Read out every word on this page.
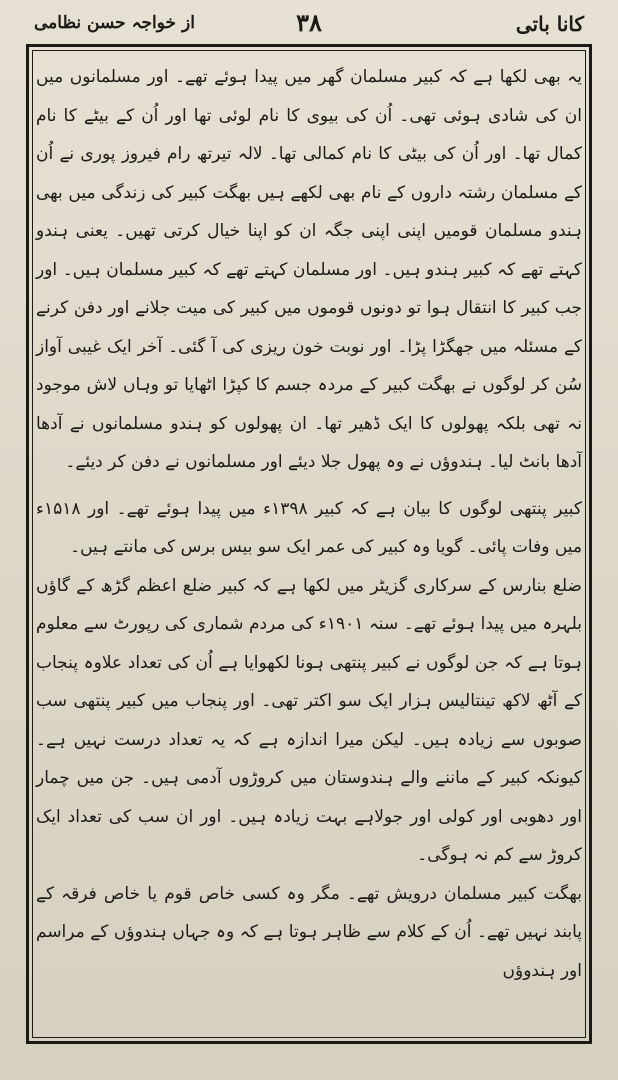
کانا باتی
۳۸
از خواجہ حسن نظامی

یہ بھی لکھا ہے کہ کبیر مسلمان گھر میں پیدا ہوئے تھے۔ اور مسلمانوں میں ان کی شادی ہوئی تھی۔ اُن کی بیوی کا نام لوئی تھا اور اُن کے بیٹے کا نام کمال تھا۔ اور اُن کی بیٹی کا نام کمالی تھا۔ لالہ تیرتھ رام فیروز پوری نے اُن کے مسلمان رشتہ داروں کے نام بھی لکھے ہیں بھگت کبیر کی زندگی میں بھی ہندو مسلمان قومیں اپنی اپنی جگہ ان کو اپنا خیال کرتی تھیں۔ یعنی ہندو کہتے تھے کہ کبیر ہندو ہیں۔ اور مسلمان کہتے تھے کہ کبیر مسلمان ہیں۔ اور جب کبیر کا انتقال ہوا تو دونوں قوموں میں کبیر کی میت جلانے اور دفن کرنے کے مسئلہ میں جھگڑا پڑا۔ اور نوبت خون ریزی کی آ گئی۔ آخر ایک غیبی آواز سُن کر لوگوں نے بھگت کبیر کے مردہ جسم کا کپڑا اٹھایا تو وہاں لاش موجود نہ تھی بلکہ پھولوں کا ایک ڈھیر تھا۔ ان پھولوں کو ہندو مسلمانوں نے آدھا آدھا بانٹ لیا۔ ہندوؤں نے وہ پھول جلا دیئے اور مسلمانوں نے دفن کر دیئے۔

کبیر پنتھی لوگوں کا بیان ہے کہ کبیر ۱۳۹۸ء میں پیدا ہوئے تھے۔ اور ۱۵۱۸ء میں وفات پائی۔ گویا وہ کبیر کی عمر ایک سو بیس برس کی مانتے ہیں۔

ضلع بنارس کے سرکاری گزیٹر میں لکھا ہے کہ کبیر ضلع اعظم گڑھ کے گاؤں بلہرہ میں پیدا ہوئے تھے۔ سنہ ۱۹۰۱ء کی مردم شماری کی رپورٹ سے معلوم ہوتا ہے کہ جن لوگوں نے کبیر پنتھی ہونا لکھوایا ہے اُن کی تعداد علاوہ پنجاب کے آٹھ لاکھ تینتالیس ہزار ایک سو اکتر تھی۔ اور پنجاب میں کبیر پنتھی سب صوبوں سے زیادہ ہیں۔ لیکن میرا اندازہ ہے کہ یہ تعداد درست نہیں ہے۔ کیونکہ کبیر کے ماننے والے ہندوستان میں کروڑوں آدمی ہیں۔ جن میں چمار اور دھوبی اور کولی اور جولاہے بہت زیادہ ہیں۔ اور ان سب کی تعداد ایک کروڑ سے کم نہ ہوگی۔

بھگت کبیر مسلمان درویش تھے۔ مگر وہ کسی خاص قوم یا خاص فرقہ کے پابند نہیں تھے۔ اُن کے کلام سے ظاہر ہوتا ہے کہ وہ جہاں ہندوؤں کے مراسم اور ہندوؤں
